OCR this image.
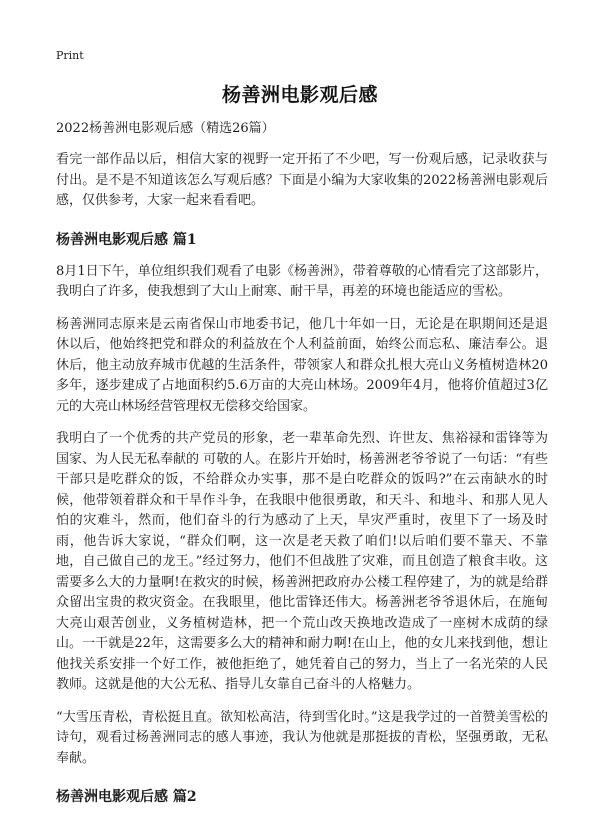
Print
杨善洲电影观后感
2022杨善洲电影观后感（精选26篇）
看完一部作品以后，相信大家的视野一定开拓了不少吧，写一份观后感，记录收获与付出。是不是不知道该怎么写观后感？下面是小编为大家收集的2022杨善洲电影观后感，仅供参考，大家一起来看看吧。
杨善洲电影观后感 篇1
8月1日下午，单位组织我们观看了电影《杨善洲》，带着尊敬的心情看完了这部影片，我明白了许多，使我想到了大山上耐寒、耐干旱，再差的环境也能适应的雪松。
杨善洲同志原来是云南省保山市地委书记，他几十年如一日，无论是在职期间还是退休以后，他始终把党和群众的利益放在个人利益前面，始终公而忘私、廉洁奉公。退休后，他主动放弃城市优越的生活条件，带领家人和群众扎根大亮山义务植树造林20多年，逐步建成了占地面积约5.6万亩的大亮山林场。2009年4月，他将价值超过3亿元的大亮山林场经营管理权无偿移交给国家。
我明白了一个优秀的共产党员的形象，老一辈革命先烈、许世友、焦裕禄和雷锋等为国家、为人民无私奉献的 可敬的人。在影片开始时，杨善洲老爷爷说了一句话：“有些干部只是吃群众的饭，不给群众办实事，那不是白吃群众的饭吗?”在云南缺水的时候，他带领着群众和干旱作斗争，在我眼中他很勇敢，和天斗、和地斗、和那人见人怕的灾难斗，然而，他们奋斗的行为感动了上天，旱灾严重时，夜里下了一场及时雨，他告诉大家说，“群众们啊，这一次是老天救了咱们!以后咱们要不靠天、不靠地，自己做自己的龙王。”经过努力，他们不但战胜了灾难，而且创造了粮食丰收。这需要多么大的力量啊!在救灾的时候，杨善洲把政府办公楼工程停建了，为的就是给群众留出宝贵的救灾资金。在我眼里，他比雷锋还伟大。杨善洲老爷爷退休后，在施甸大亮山艰苦创业，义务植树造林，把一个荒山改天换地改造成了一座树木成荫的绿山。一干就是22年，这需要多么大的精神和耐力啊!在山上，他的女儿来找到他，想让他找关系安排一个好工作，被他拒绝了，她凭着自己的努力，当上了一名光荣的人民教师。这就是他的大公无私、指导儿女靠自己奋斗的人格魅力。
“大雪压青松，青松挺且直。欲知松高洁，待到雪化时。”这是我学过的一首赞美雪松的诗句，观看过杨善洲同志的感人事迹，我认为他就是那挺拔的青松，坚强勇敢，无私奉献。
杨善洲电影观后感 篇2
